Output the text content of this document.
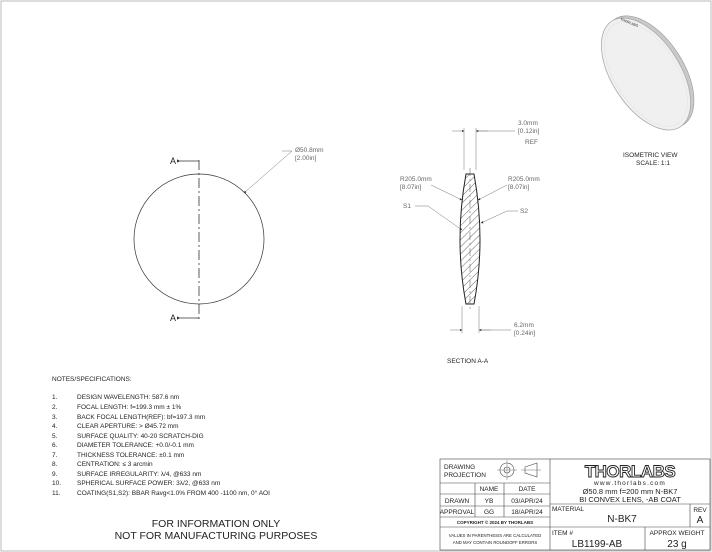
A
A
Ø50.8mm
[2.00in]
3.0mm
[0.12in]
REF
R205.0mm
[8.07in]
R205.0mm
[8.07in]
S1
S2
6.2mm
[0.24in]
SECTION A-A
THORLABS
ISOMETRIC VIEW
SCALE: 1:1
NOTES/SPECIFICATIONS:
1.	DESIGN WAVELENGTH: 587.6 nm
2.	FOCAL LENGTH: f=199.3 mm ± 1%
3.	BACK FOCAL LENGTH(REF): bf=197.3 mm
4.	CLEAR APERTURE: > Ø45.72 mm
5.	SURFACE QUALITY: 40-20 SCRATCH-DIG
6.	DIAMETER TOLERANCE: +0.0/-0.1 mm
7.	THICKNESS TOLERANCE: ±0.1 mm
8.	CENTRATION: ≤ 3 arcmin
9.	SURFACE IRREGULARITY: λ/4, @633 nm
10. SPHERICAL SURFACE POWER: 3λ/2, @633 nm
11.	COATING(S1,S2): BBAR Ravg<1.0% FROM 400 -1100 nm, 0° AOI
FOR INFORMATION ONLY
NOT FOR MANUFACTURING PURPOSES
DRAWING
PROJECTION
NAME	DATE
DRAWN YB	03/APR/24
APPROVAL GG	18/APR/24
COPYRIGHT © 2024 BY THORLABS
VALUES IN PARENTHESIS ARE CALCULATED
AND MAY CONTAIN ROUNDOFF ERRORS
THORLABS
www.thorlabs.com
Ø50.8 mm f=200 mm N-BK7
BI CONVEX LENS, -AB COAT
MATERIAL
N-BK7
REV
A
ITEM #
LB1199-AB
APPROX WEIGHT
23 g
